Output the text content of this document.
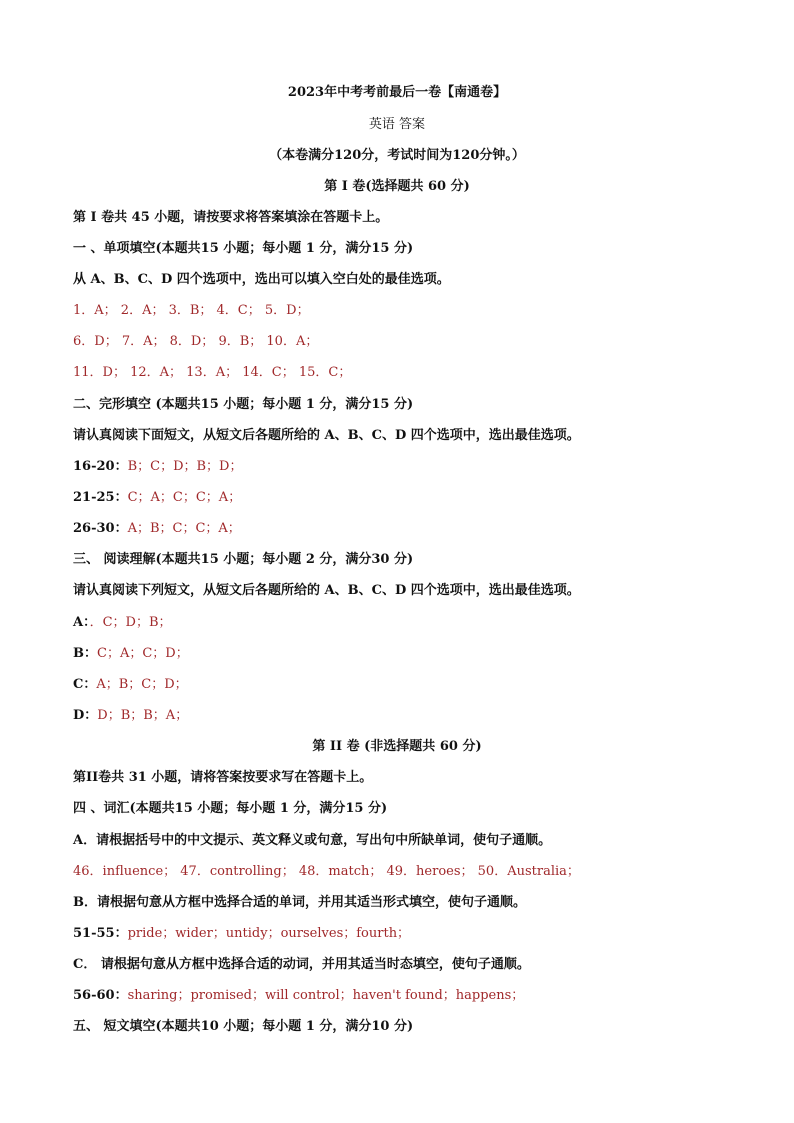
2023年中考考前最后一卷【南通卷】
英语 答案
（本卷满分120分，考试时间为120分钟。）
第 I 卷(选择题共 60 分)
第 I 卷共 45 小题，请按要求将答案填涂在答题卡上。
一 、单项填空(本题共15 小题；每小题 1 分，满分15 分)
从 A、B、C、D 四个选项中，选出可以填入空白处的最佳选项。
1．A； 2．A； 3．B； 4．C； 5．D；
6．D； 7．A； 8．D； 9．B； 10．A；
11．D； 12．A； 13．A； 14．C； 15．C；
二、完形填空 (本题共15 小题；每小题 1 分，满分15 分)
请认真阅读下面短文，从短文后各题所给的 A、B、C、D 四个选项中，选出最佳选项。
16-20：B；C；D；B；D；
21-25：C；A；C；C；A；
26-30：A；B；C；C；A；
三、 阅读理解(本题共15 小题；每小题 2 分，满分30 分)
请认真阅读下列短文，从短文后各题所给的 A、B、C、D 四个选项中，选出最佳选项。
A：．C；D；B；
B：C；A；C；D；
C：A；B；C；D；
D：D；B；B；A；
第 II 卷 (非选择题共 60 分)
第II卷共 31 小题，请将答案按要求写在答题卡上。
四 、词汇(本题共15 小题；每小题 1 分，满分15 分)
A．请根据括号中的中文提示、英文释义或句意，写出句中所缺单词，使句子通顺。
46．influence； 47．controlling； 48．match； 49．heroes； 50．Australia；
B．请根据句意从方框中选择合适的单词，并用其适当形式填空，使句子通顺。
51-55：pride；wider；untidy；ourselves；fourth；
C． 请根据句意从方框中选择合适的动词，并用其适当时态填空，使句子通顺。
56-60：sharing；promised；will control；haven't found；happens；
五、 短文填空(本题共10 小题；每小题 1 分，满分10 分)
